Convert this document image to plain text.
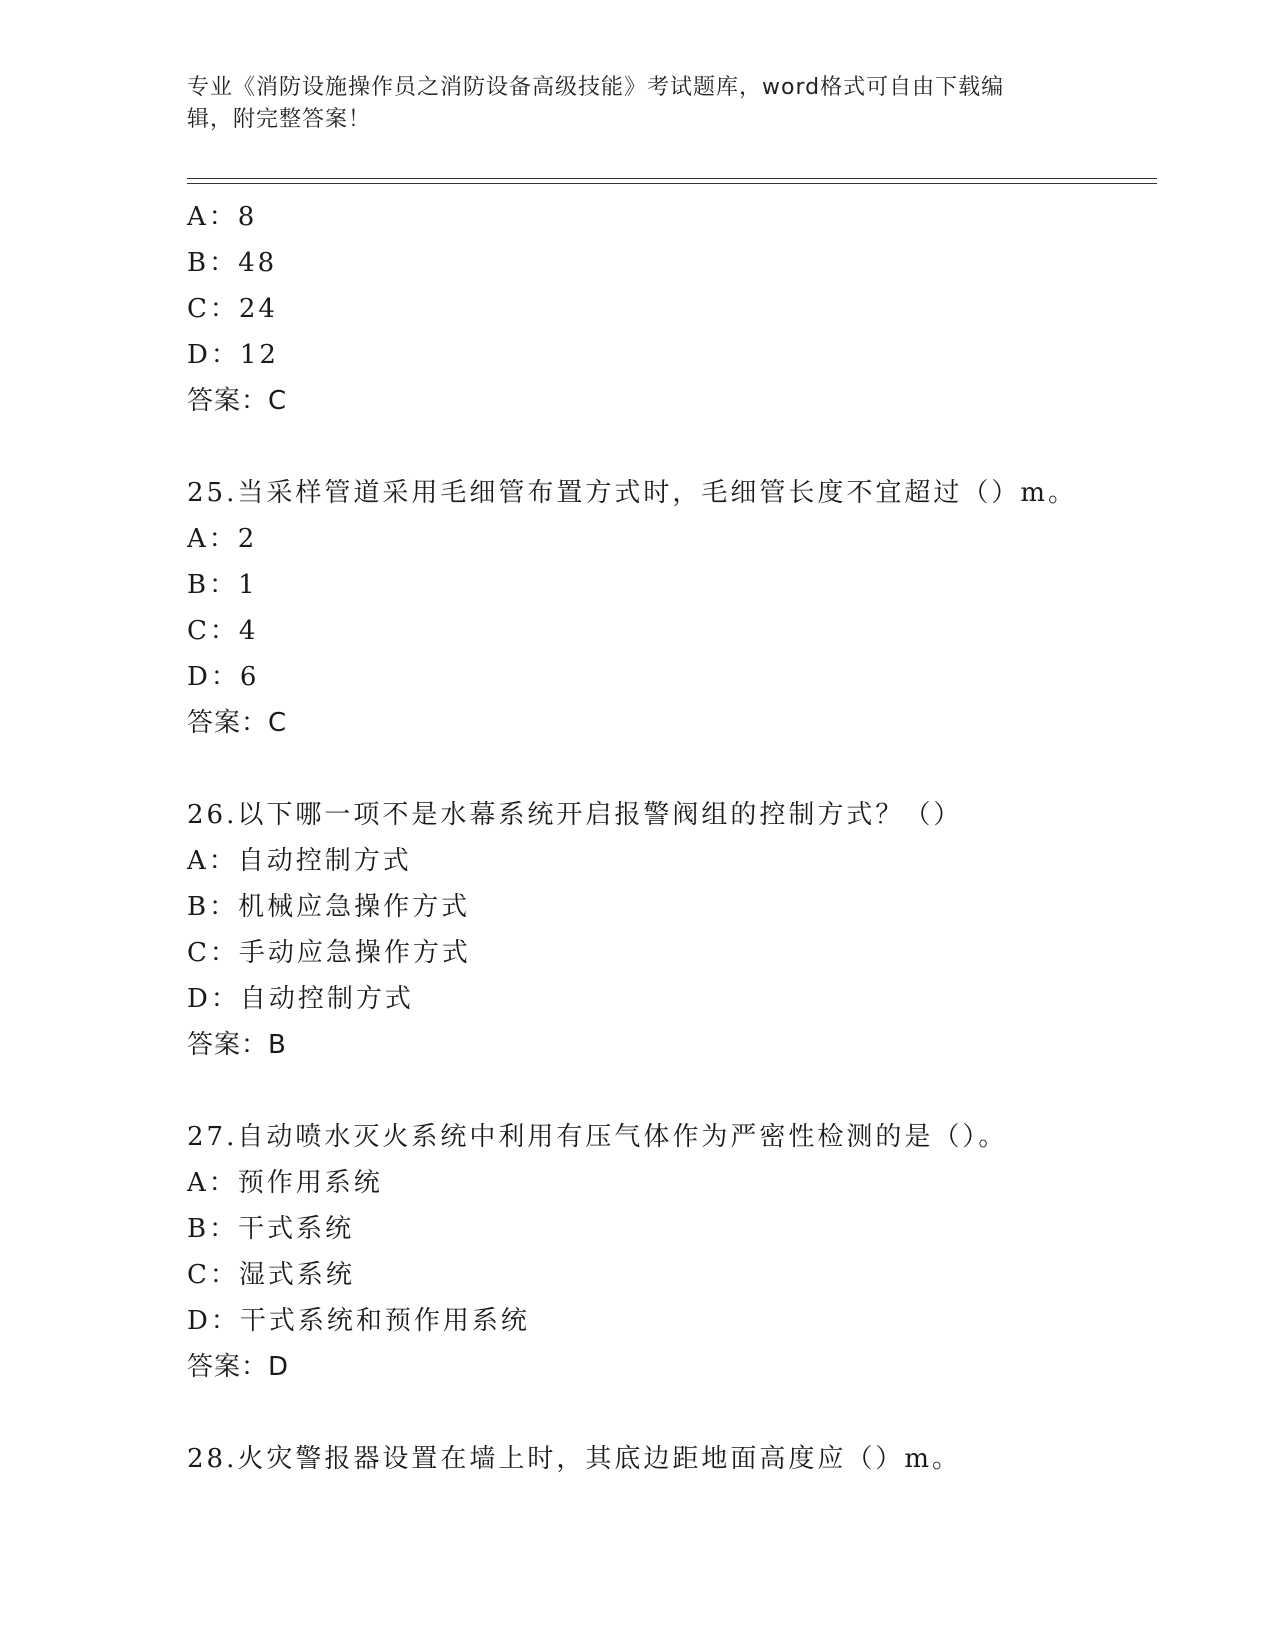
专业《消防设施操作员之消防设备高级技能》考试题库，word格式可自由下载编
辑，附完整答案！
A：8
B：48
C：24
D：12
答案：C
25.当采样管道采用毛细管布置方式时，毛细管长度不宜超过（）m。
A：2
B：1
C：4
D：6
答案：C
26.以下哪一项不是水幕系统开启报警阀组的控制方式？（）
A：自动控制方式
B：机械应急操作方式
C：手动应急操作方式
D：自动控制方式
答案：B
27.自动喷水灭火系统中利用有压气体作为严密性检测的是（）。
A：预作用系统
B：干式系统
C：湿式系统
D：干式系统和预作用系统
答案：D
28.火灾警报器设置在墙上时，其底边距地面高度应（）m。
